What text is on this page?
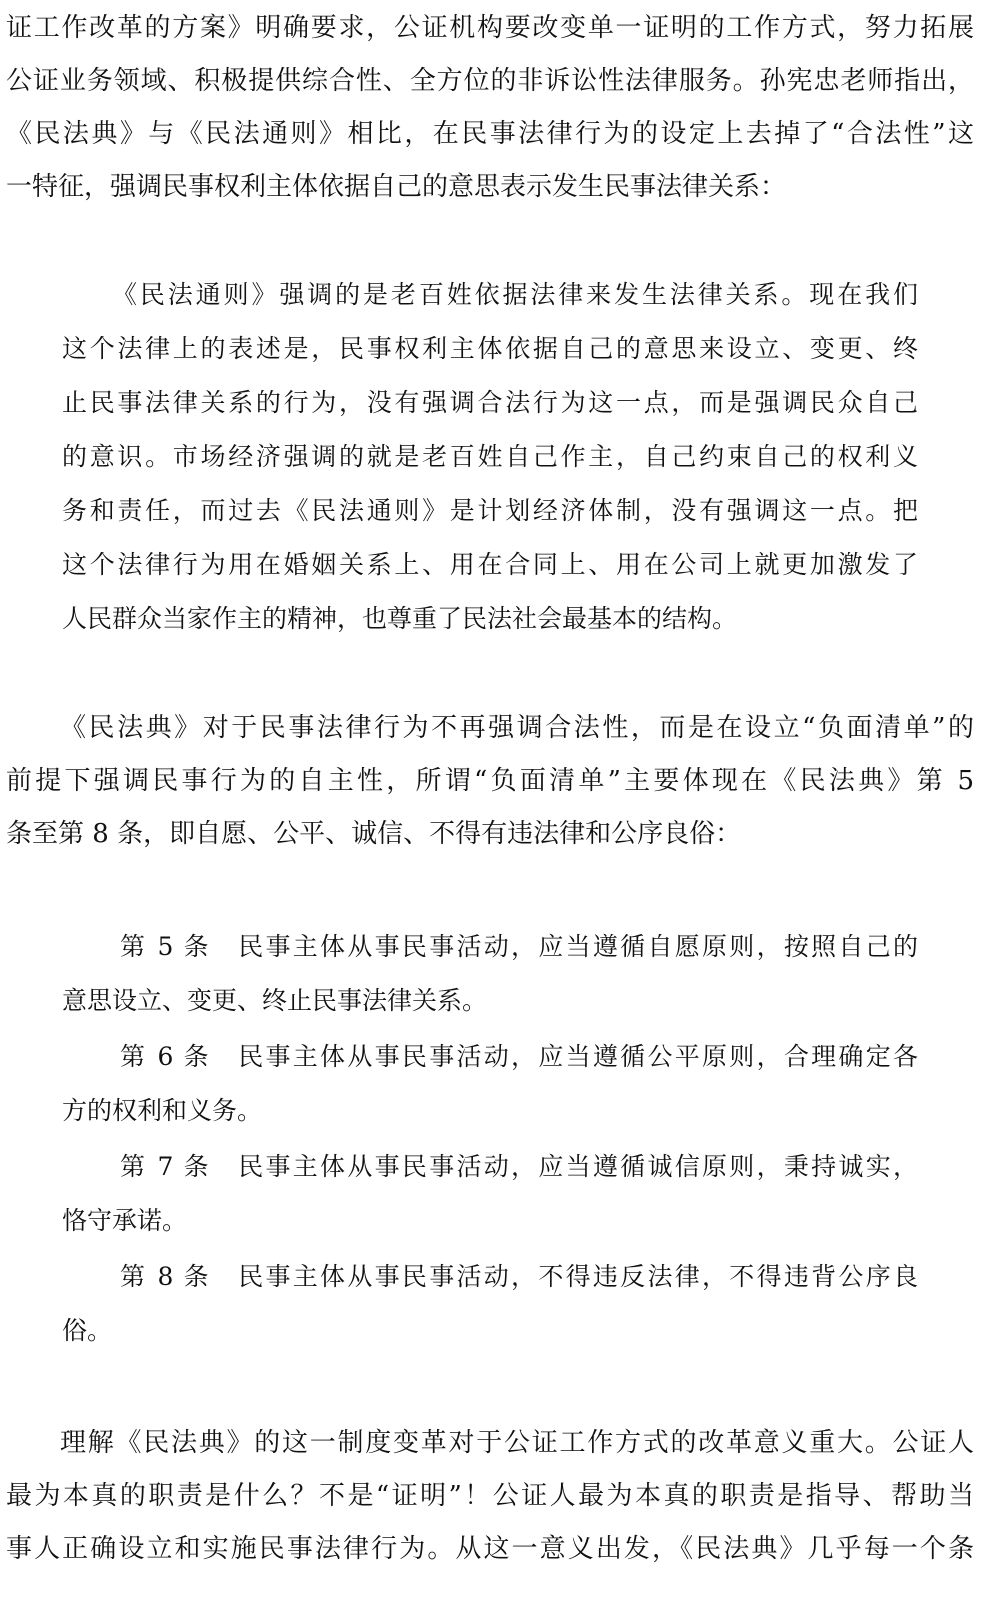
证工作改革的方案》明确要求，公证机构要改变单一证明的工作方式，努力拓展
公证业务领域、积极提供综合性、全方位的非诉讼性法律服务。孙宪忠老师指出，
《民法典》与《民法通则》相比，在民事法律行为的设定上去掉了“合法性”这
一特征，强调民事权利主体依据自己的意思表示发生民事法律关系：
《民法通则》强调的是老百姓依据法律来发生法律关系。现在我们
这个法律上的表述是，民事权利主体依据自己的意思来设立、变更、终
止民事法律关系的行为，没有强调合法行为这一点，而是强调民众自己
的意识。市场经济强调的就是老百姓自己作主，自己约束自己的权利义
务和责任，而过去《民法通则》是计划经济体制，没有强调这一点。把
这个法律行为用在婚姻关系上、用在合同上、用在公司上就更加激发了
人民群众当家作主的精神，也尊重了民法社会最基本的结构。
《民法典》对于民事法律行为不再强调合法性，而是在设立“负面清单”的
前提下强调民事行为的自主性，所谓“负面清单”主要体现在《民法典》第 5
条至第 8 条，即自愿、公平、诚信、不得有违法律和公序良俗：
第 5 条　民事主体从事民事活动，应当遵循自愿原则，按照自己的
意思设立、变更、终止民事法律关系。
第 6 条　民事主体从事民事活动，应当遵循公平原则，合理确定各
方的权利和义务。
第 7 条　民事主体从事民事活动，应当遵循诚信原则，秉持诚实，
恪守承诺。
第 8 条　民事主体从事民事活动，不得违反法律，不得违背公序良
俗。
理解《民法典》的这一制度变革对于公证工作方式的改革意义重大。公证人
最为本真的职责是什么？不是“证明”！公证人最为本真的职责是指导、帮助当
事人正确设立和实施民事法律行为。从这一意义出发，《民法典》几乎每一个条
